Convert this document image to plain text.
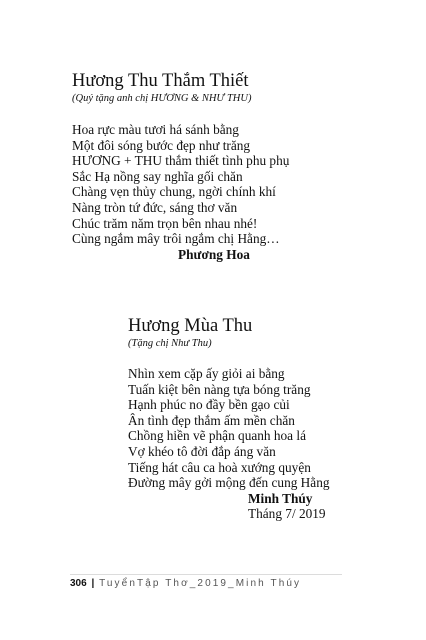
Hương Thu Thắm Thiết

(Quý tặng anh chị HƯƠNG & NHƯ THU)

Hoa rực màu tươi há sánh bằng
Một đôi sóng bước đẹp như trăng
HƯƠNG + THU thắm thiết tình phu phụ
Sắc Hạ nồng say nghĩa gối chăn
Chàng vẹn thủy chung, ngời chính khí
Nàng tròn tứ đức, sáng thơ văn
Chúc trăm năm trọn bên nhau nhé!
Cùng ngắm mây trôi ngắm chị Hằng…
Phương Hoa
Hương Mùa Thu

(Tặng chị Như Thu)

Nhìn xem cặp ấy giỏi ai bằng
Tuấn kiệt bên nàng tựa bóng trăng
Hạnh phúc no đầy bền gạo củi
Ân tình đẹp thắm ấm mền chăn
Chồng hiền vẽ phận quanh hoa lá
Vợ khéo tô đời đắp áng văn
Tiếng hát câu ca hoà xướng quyện
Đường mây gởi mộng đến cung Hằng
Minh Thúy
Tháng 7/ 2019
306 | TuyểnTập Thơ_2019_Minh Thúy
